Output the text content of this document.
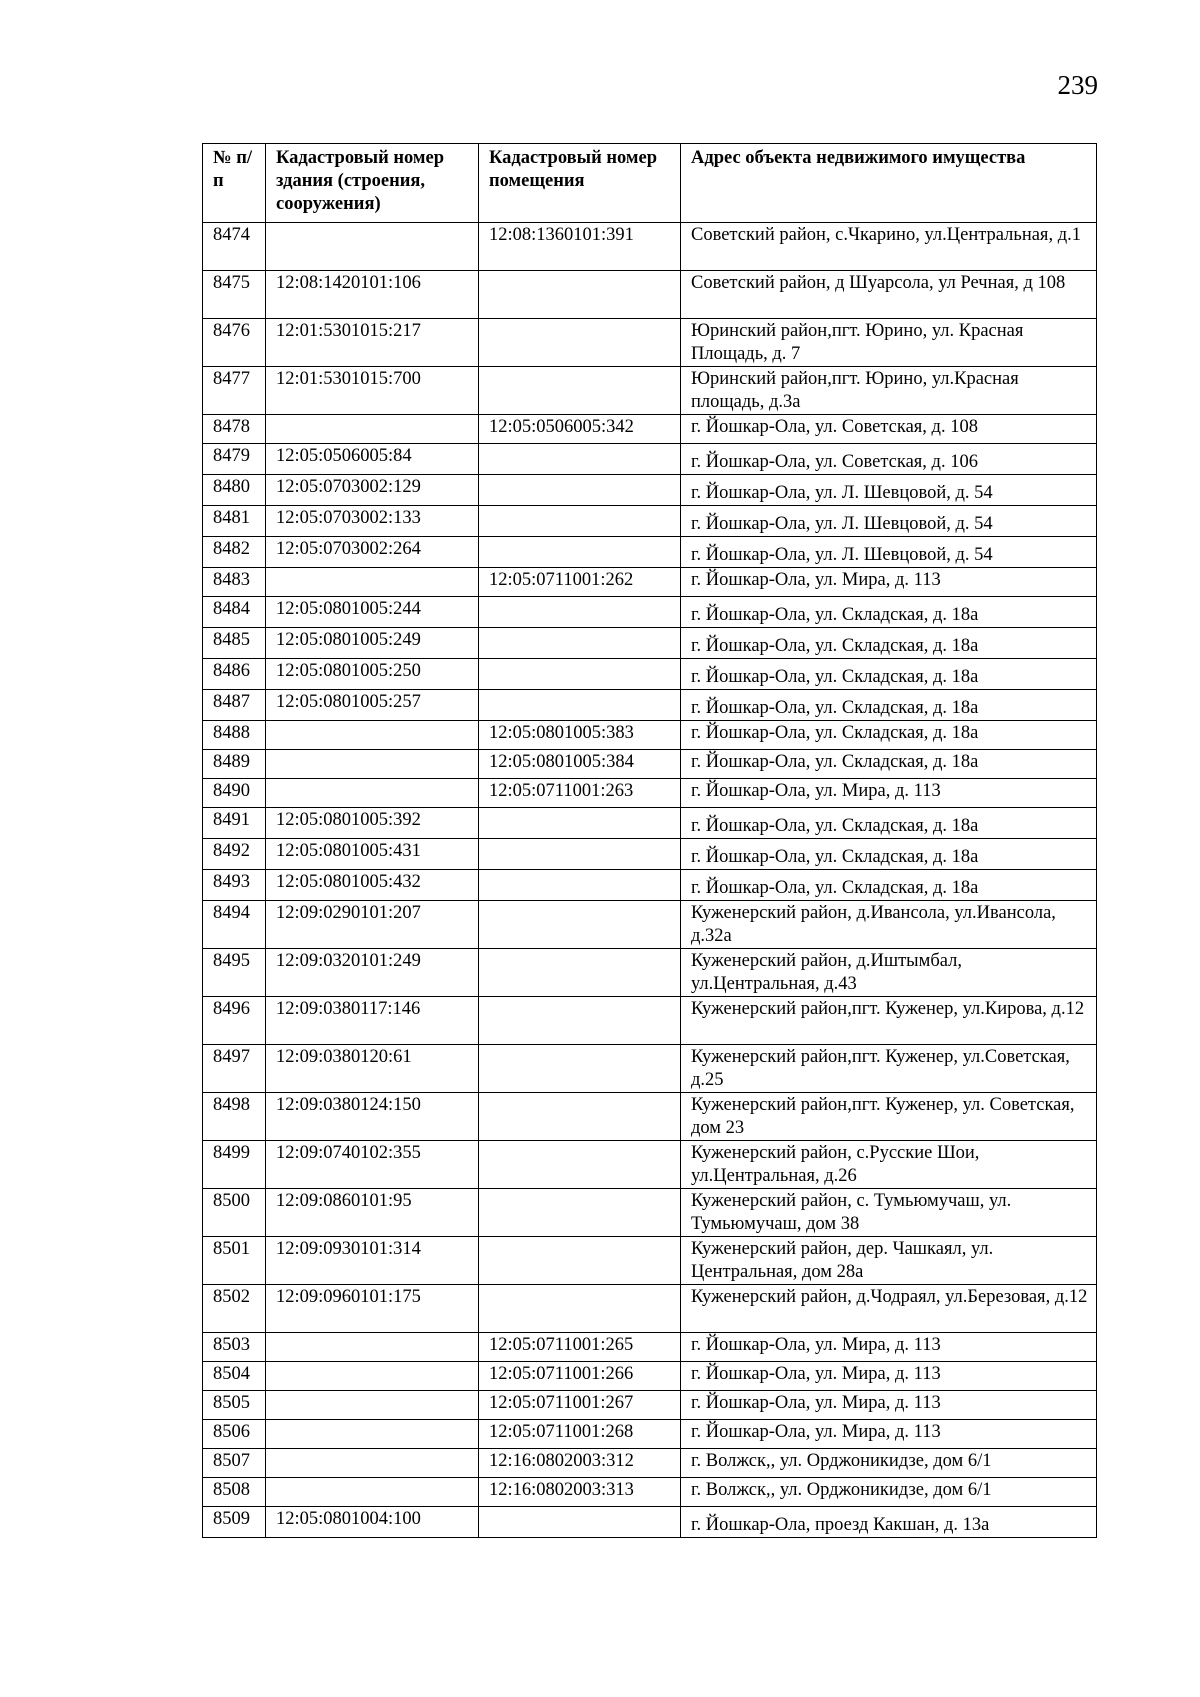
239
№ п/п	Кадастровый номер здания (строения, сооружения)	Кадастровый номер помещения	Адрес объекта недвижимого имущества
8474		12:08:1360101:391	Советский район, с.Чкарино, ул.Центральная, д.1
8475	12:08:1420101:106		Советский район, д Шуарсола, ул Речная, д 108
8476	12:01:5301015:217		Юринский район,пгт. Юрино, ул. Красная Площадь, д. 7
8477	12:01:5301015:700		Юринский район,пгт. Юрино, ул.Красная площадь, д.3а
8478		12:05:0506005:342	г. Йошкар-Ола, ул. Советская, д. 108
8479	12:05:0506005:84		г. Йошкар-Ола, ул. Советская, д. 106

8480	12:05:0703002:129		г. Йошкар-Ола, ул. Л. Шевцовой, д. 54

8481	12:05:0703002:133		г. Йошкар-Ола, ул. Л. Шевцовой, д. 54

8482	12:05:0703002:264		г. Йошкар-Ола, ул. Л. Шевцовой, д. 54

8483		12:05:0711001:262	г. Йошкар-Ола, ул. Мира, д. 113
8484	12:05:0801005:244		г. Йошкар-Ола, ул. Складская, д. 18а

8485	12:05:0801005:249		г. Йошкар-Ола, ул. Складская, д. 18а

8486	12:05:0801005:250		г. Йошкар-Ола, ул. Складская, д. 18а

8487	12:05:0801005:257		г. Йошкар-Ола, ул. Складская, д. 18а

8488		12:05:0801005:383	г. Йошкар-Ола, ул. Складская, д. 18а
8489		12:05:0801005:384	г. Йошкар-Ола, ул. Складская, д. 18а
8490		12:05:0711001:263	г. Йошкар-Ола, ул. Мира, д. 113
8491	12:05:0801005:392		г. Йошкар-Ола, ул. Складская, д. 18а

8492	12:05:0801005:431		г. Йошкар-Ола, ул. Складская, д. 18а

8493	12:05:0801005:432		г. Йошкар-Ола, ул. Складская, д. 18а

8494	12:09:0290101:207		Куженерский район, д.Ивансола, ул.Ивансола, д.32а
8495	12:09:0320101:249		Куженерский район, д.Иштымбал, ул.Центральная, д.43
8496	12:09:0380117:146		Куженерский район,пгт. Куженер, ул.Кирова, д.12
8497	12:09:0380120:61		Куженерский район,пгт. Куженер, ул.Советская, д.25
8498	12:09:0380124:150		Куженерский район,пгт. Куженер, ул. Советская, дом 23
8499	12:09:0740102:355		Куженерский район, с.Русские Шои, ул.Центральная, д.26
8500	12:09:0860101:95		Куженерский район, с. Тумьюмучаш, ул. Тумьюмучаш, дом 38
8501	12:09:0930101:314		Куженерский район, дер. Чашкаял, ул. Центральная, дом 28а
8502	12:09:0960101:175		Куженерский район, д.Чодраял, ул.Березовая, д.12
8503		12:05:0711001:265	г. Йошкар-Ола, ул. Мира, д. 113
8504		12:05:0711001:266	г. Йошкар-Ола, ул. Мира, д. 113
8505		12:05:0711001:267	г. Йошкар-Ола, ул. Мира, д. 113
8506		12:05:0711001:268	г. Йошкар-Ола, ул. Мира, д. 113
8507		12:16:0802003:312	г. Волжск,, ул. Орджоникидзе, дом 6/1
8508		12:16:0802003:313	г. Волжск,, ул. Орджоникидзе, дом 6/1
8509	12:05:0801004:100		г. Йошкар-Ола, проезд Какшан, д. 13а
